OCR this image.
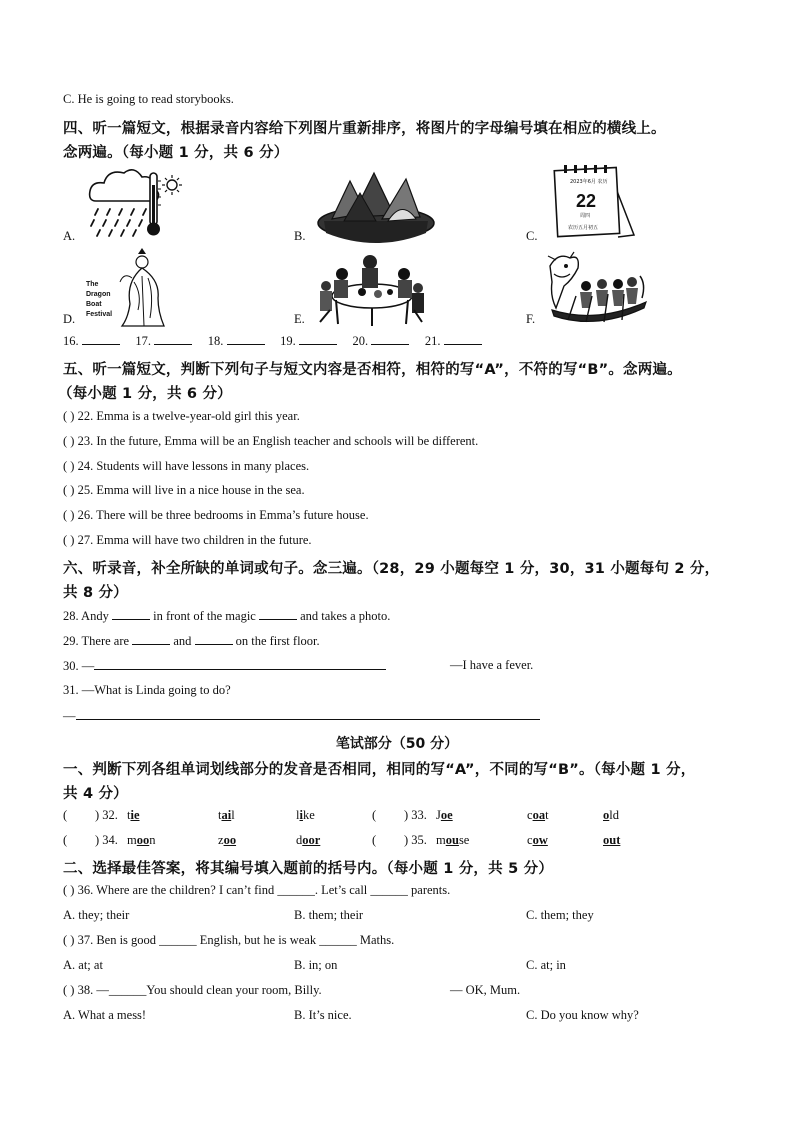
C. He is going to read storybooks.
四、听一篇短文，根据录音内容给下列图片重新排序，将图片的字母编号填在相应的横线上。
念两遍。（每小题 1 分，共 6 分）
A.	B.	C.
2023年6月 农历
22
周四
农历五月初五
D.
The
Dragon
Boat
Festival	E.	F.
16.	17.	18.	19.	20.	21.
五、听一篇短文，判断下列句子与短文内容是否相符，相符的写“A”，不符的写“B”。念两遍。
（每小题 1 分，共 6 分）
( ) 22. Emma is a twelve-year-old girl this year.
( ) 23. In the future, Emma will be an English teacher and schools will be different.
( ) 24. Students will have lessons in many places.
( ) 25. Emma will live in a nice house in the sea.
( ) 26. There will be three bedrooms in Emma’s future house.
( ) 27. Emma will have two children in the future.
六、听录音，补全所缺的单词或句子。念三遍。（28，29 小题每空 1 分，30，31 小题每句 2 分，
共 8 分）
28. Andy	in front of the magic	and takes a photo.
29. There are	and	on the first floor.
30. —	—I have a fever.
31. —What is Linda going to do?
—
笔试部分（50 分）
一、判断下列各组单词划线部分的发音是否相同，相同的写“A”，不同的写“B”。（每小题 1 分，
共 4 分）
( ) 32. tie	tail	like	( ) 33. Joe	coat	old
( ) 34. moon	zoo	door	( ) 35. mouse	cow	out
二、选择最佳答案，将其编号填入题前的括号内。（每小题 1 分，共 5 分）
( ) 36. Where are the children? I can’t find ______. Let’s call ______ parents.
A. they; their	B. them; their	C. them; they
( ) 37. Ben is good ______ English, but he is weak ______ Maths.
A. at; at	B. in; on	C. at; in
( ) 38. —______You should clean your room, Billy.	— OK, Mum.
A. What a mess!	B. It’s nice.	C. Do you know why?
